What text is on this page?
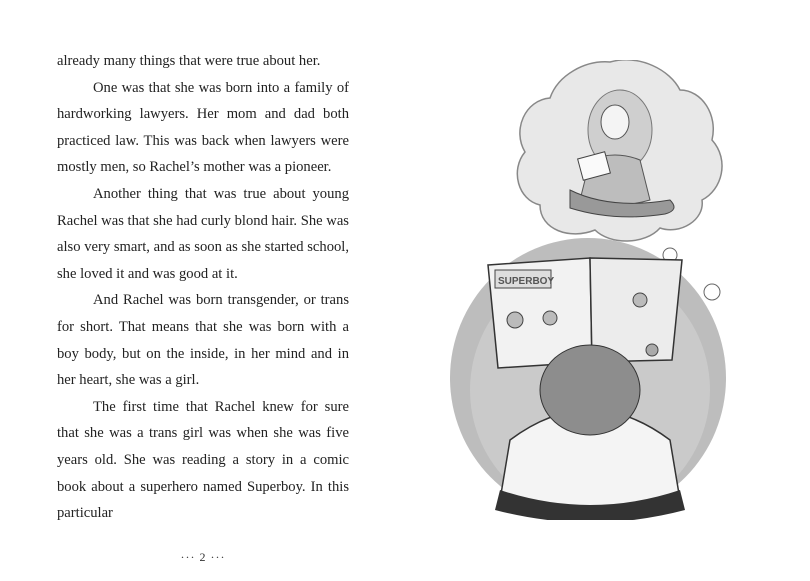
already many things that were true about her.

One was that she was born into a family of hardworking lawyers. Her mom and dad both practiced law. This was back when lawyers were mostly men, so Rachel’s mother was a pioneer.

Another thing that was true about young Rachel was that she had curly blond hair. She was also very smart, and as soon as she started school, she loved it and was good at it.

And Rachel was born transgender, or trans for short. That means that she was born with a boy body, but on the inside, in her mind and in her heart, she was a girl.

The first time that Rachel knew for sure that she was a trans girl was when she was five years old. She was reading a story in a comic book about a superhero named Superboy. In this particular

··· 2 ···
SUPERBOY
